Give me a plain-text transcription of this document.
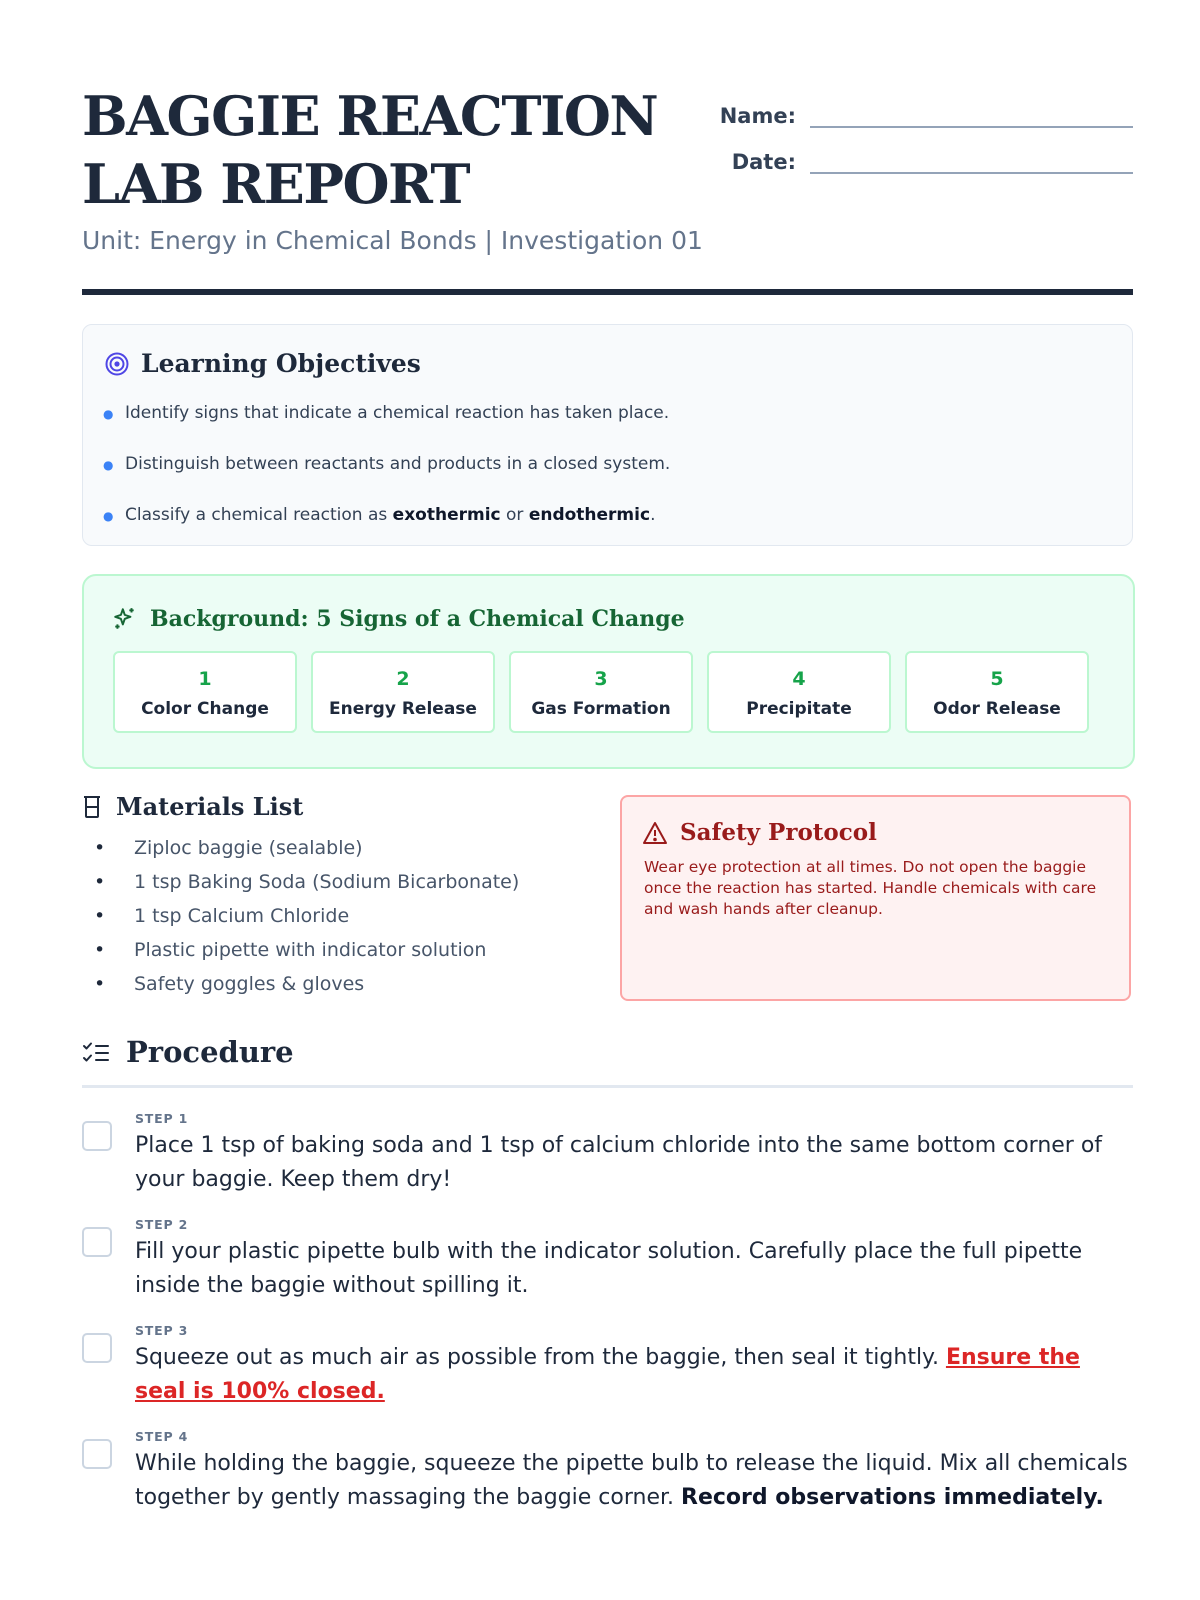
BAGGIE REACTION
LAB REPORT
Unit: Energy in Chemical Bonds | Investigation 01
Name:
Date:
Learning Objectives
● Identify signs that indicate a chemical reaction has taken place.
● Distinguish between reactants and products in a closed system.
● Classify a chemical reaction as exothermic or endothermic.
Background: 5 Signs of a Chemical Change
1
Color Change
2
Energy Release
3
Gas Formation
4
Precipitate
5
Odor Release
Materials List
•	Ziploc baggie (sealable)
•	1 tsp Baking Soda (Sodium Bicarbonate)
•	1 tsp Calcium Chloride
•	Plastic pipette with indicator solution
•	Safety goggles & gloves
Safety Protocol

Wear eye protection at all times. Do not open the baggie once the reaction has started. Handle chemicals with care and wash hands after cleanup.

Procedure
STEP 1
Place 1 tsp of baking soda and 1 tsp of calcium chloride into the same bottom corner of your baggie. Keep them dry!
STEP 2
Fill your plastic pipette bulb with the indicator solution. Carefully place the full pipette inside the baggie without spilling it.
STEP 3
Squeeze out as much air as possible from the baggie, then seal it tightly. Ensure the seal is 100% closed.
STEP 4
While holding the baggie, squeeze the pipette bulb to release the liquid. Mix all chemicals together by gently massaging the baggie corner. Record observations immediately.
